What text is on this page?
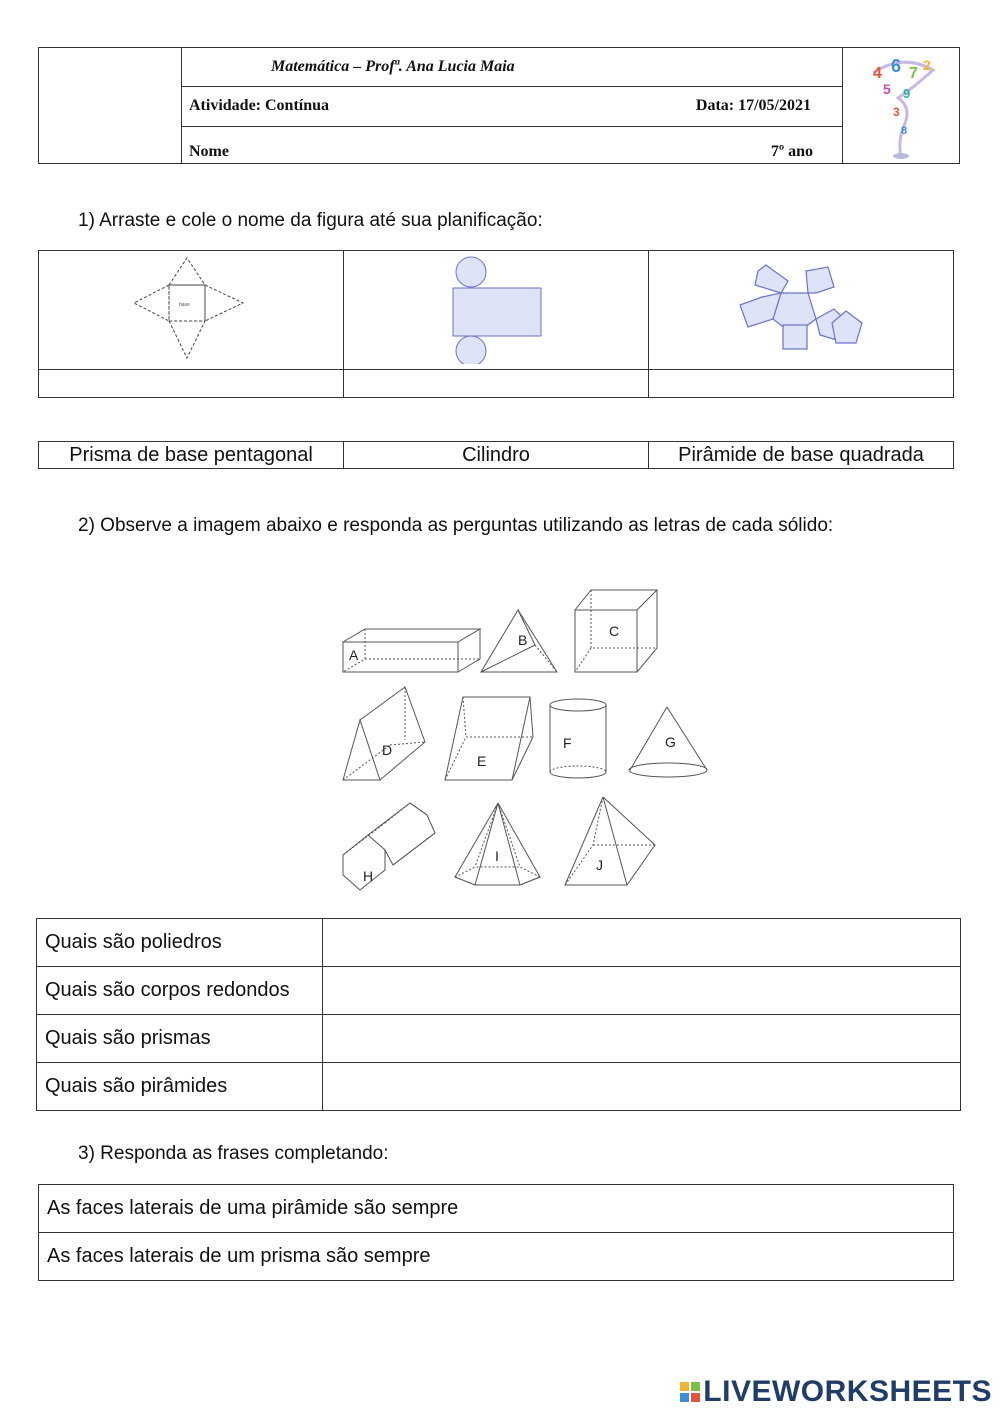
Matemática – Profª. Ana Lucia Maia
Atividade: Contínua	Data: 17/05/2021
Nome	7º ano
4 6 7 2
5 9
3
8
1) Arraste e cole o nome da figura até sua planificação:
base

Prisma de base pentagonal	Cilindro	Pirâmide de base quadrada
2) Observe a imagem abaixo e responda as perguntas utilizando as letras de cada sólido:
A
B
C
D
E
F	G
H
I
J
Quais são poliedros	
Quais são corpos redondos	
Quais são prismas	
Quais são pirâmides	
3) Responda as frases completando:
As faces laterais de uma pirâmide são sempre
As faces laterais de um prisma são sempre
LIVEWORKSHEETS
